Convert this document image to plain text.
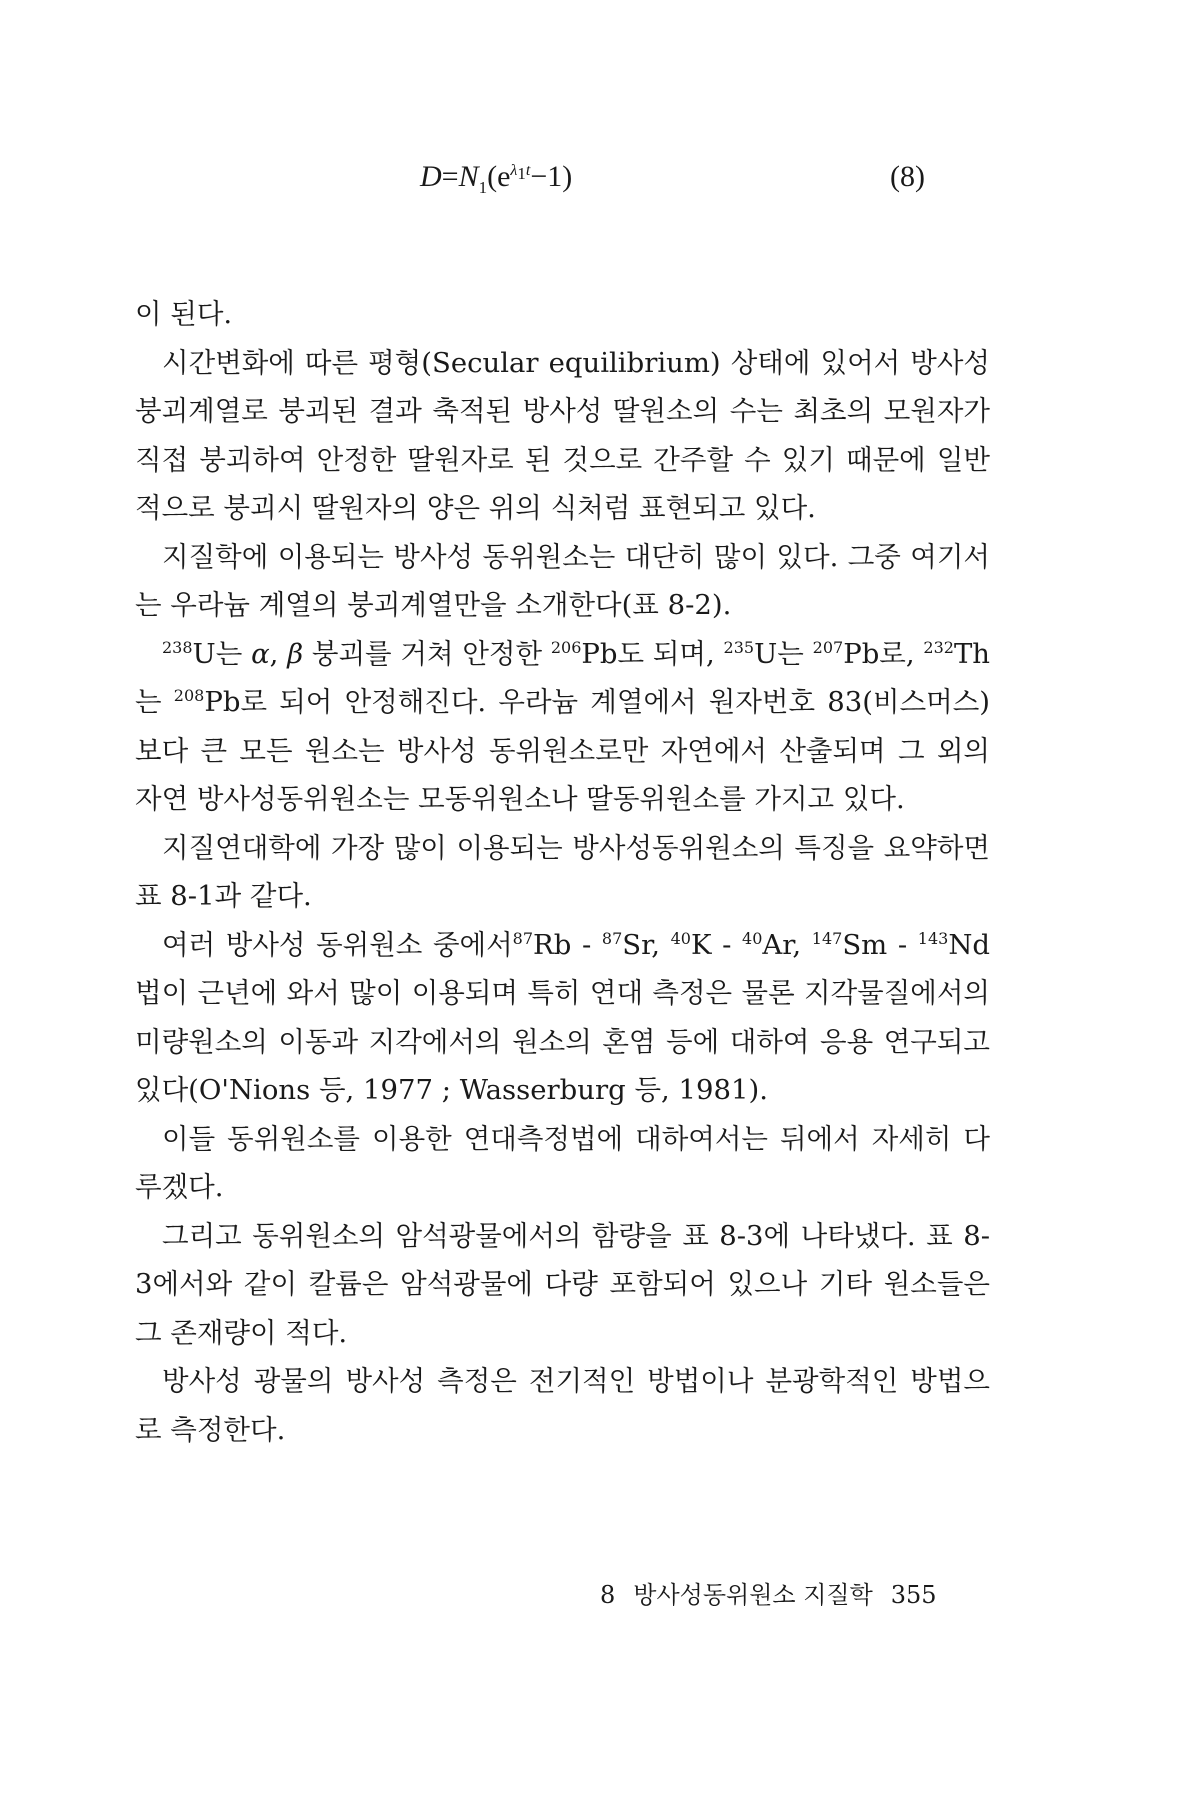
$D=N_1(e^{\lambda_1t}-1)$	(8)

이 된다.

시간변화에 따른 평형(Secular equilibrium) 상태에 있어서 방사성 붕괴계열로 붕괴된 결과 축적된 방사성 딸원소의 수는 최초의 모원자가 직접 붕괴하여 안정한 딸원자로 된 것으로 간주할 수 있기 때문에 일반적으로 붕괴시 딸원자의 양은 위의 식처럼 표현되고 있다.

지질학에 이용되는 방사성 동위원소는 대단히 많이 있다. 그중 여기서는 우라늄 계열의 붕괴계열만을 소개한다(표 8-2).

$^{238}$U는 α, β 붕괴를 거쳐 안정한 $^{206}$Pb도 되며, $^{235}$U는 $^{207}$Pb로, $^{232}$Th는 $^{208}$Pb로 되어 안정해진다. 우라늄 계열에서 원자번호 83(비스머스)보다 큰 모든 원소는 방사성 동위원소로만 자연에서 산출되며 그 외의 자연 방사성동위원소는 모동위원소나 딸동위원소를 가지고 있다.

지질연대학에 가장 많이 이용되는 방사성동위원소의 특징을 요약하면 표 8-1과 같다.

여러 방사성 동위원소 중에서$^{87}$Rb - $^{87}$Sr, $^{40}$K - $^{40}$Ar, $^{147}$Sm - $^{143}$Nd 법이 근년에 와서 많이 이용되며 특히 연대 측정은 물론 지각물질에서의 미량원소의 이동과 지각에서의 원소의 혼염 등에 대하여 응용 연구되고 있다(O'Nions 등, 1977 ; Wasserburg 등, 1981).

이들 동위원소를 이용한 연대측정법에 대하여서는 뒤에서 자세히 다루겠다.

그리고 동위원소의 암석광물에서의 함량을 표 8-3에 나타냈다. 표 8-3에서와 같이 칼륨은 암석광물에 다량 포함되어 있으나 기타 원소들은 그 존재량이 적다.

방사성 광물의 방사성 측정은 전기적인 방법이나 분광학적인 방법으로 측정한다.

8 방사성동위원소 지질학 355
